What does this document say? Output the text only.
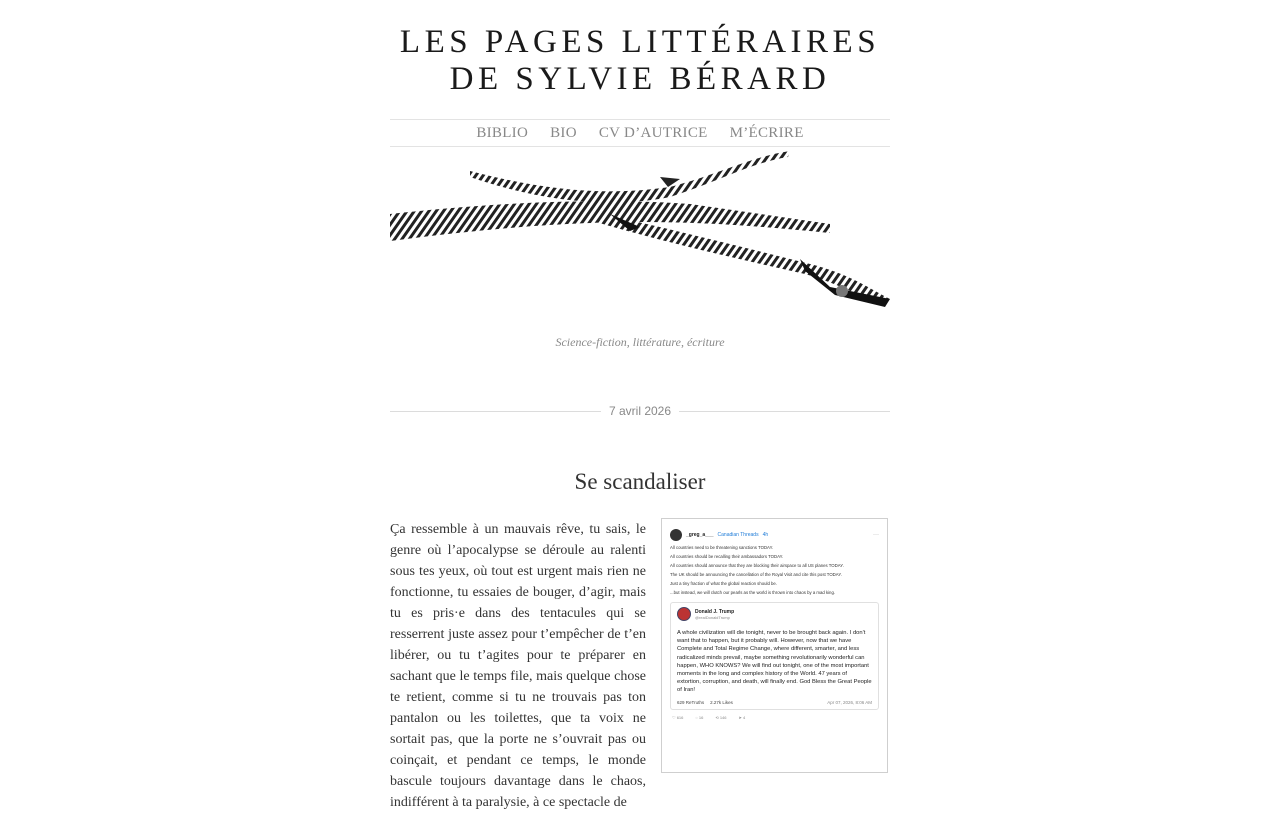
LES PAGES LITTÉRAIRES DE SYLVIE BÉRARD
BIBLIO BIO CV D’AUTRICE M’ÉCRIRE
Science-fiction, littérature, écriture
7 avril 2026
Se scandaliser

Ça ressemble à un mauvais rêve, tu sais, le genre où l’apocalypse se déroule au ralenti sous tes yeux, où tout est urgent mais rien ne fonctionne, tu essaies de bouger, d’agir, mais tu es pris·e dans des tentacules qui se resserrent juste assez pour t’empêcher de t’en libérer, ou tu t’agites pour te préparer en sachant que le temps file, mais quelque chose te retient, comme si tu ne trouvais pas ton pantalon ou les toilettes, que ta voix ne sortait pas, que la porte ne s’ouvrait pas ou coinçait, et pendant ce temps, le monde bascule toujours davantage dans le chaos, indifférent à ta paralysie, à ce spectacle de

_greg_a___ Canadian Threads 4h	···
All countries need to be threatening sanctions TODAY.
All countries should be recalling their ambassadors TODAY.
All countries should announce that they are blocking their airspace to all US planes TODAY.
The UK should be announcing the cancellation of the Royal Visit and cite this post TODAY.
Just a tiny fraction of what the global reaction should be.
...but instead, we will clutch our pearls as the world is thrown into chaos by a mad king.
Donald J. Trump
@realDonaldTrump
A whole civilization will die tonight, never to be brought back again. I don't want that to happen, but it probably will. However, now that we have Complete and Total Regime Change, where different, smarter, and less radicalized minds prevail, maybe something revolutionarily wonderful can happen, WHO KNOWS? We will find out tonight, one of the most important moments in the long and complex history of the World. 47 years of extortion, corruption, and death, will finally end. God Bless the Great People of Iran!
629 ReTruths 2.27k Likes	Apr 07, 2026, 8:06 AM
♡ 616	◌ 16	⟲ 146	➤ 4
